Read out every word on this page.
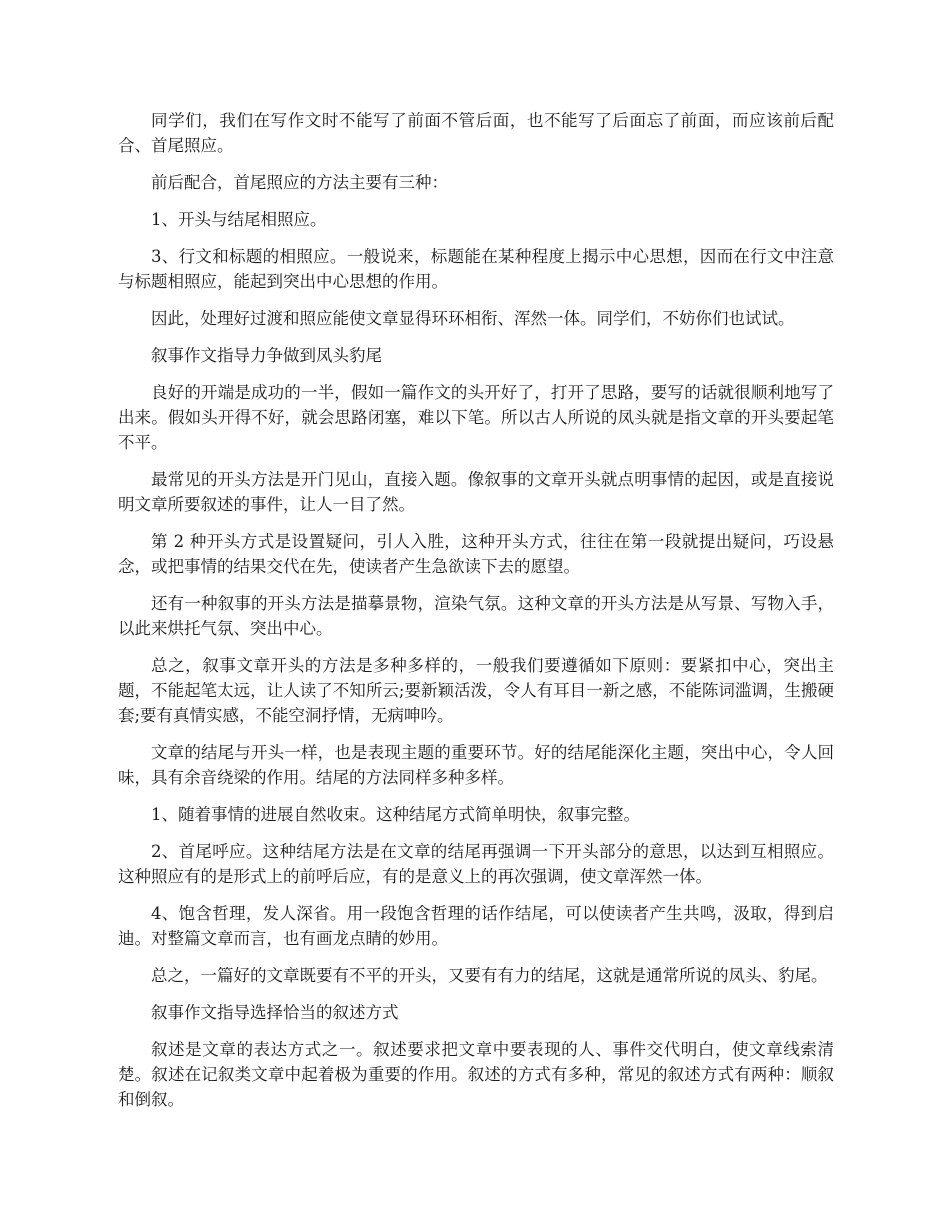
同学们，我们在写作文时不能写了前面不管后面，也不能写了后面忘了前面，而应该前后配合、首尾照应。

前后配合，首尾照应的方法主要有三种：

1、开头与结尾相照应。

3、行文和标题的相照应。一般说来，标题能在某种程度上揭示中心思想，因而在行文中注意与标题相照应，能起到突出中心思想的作用。

因此，处理好过渡和照应能使文章显得环环相衔、浑然一体。同学们，不妨你们也试试。

叙事作文指导力争做到凤头豹尾

良好的开端是成功的一半，假如一篇作文的头开好了，打开了思路，要写的话就很顺利地写了出来。假如头开得不好，就会思路闭塞，难以下笔。所以古人所说的凤头就是指文章的开头要起笔不平。

最常见的开头方法是开门见山，直接入题。像叙事的文章开头就点明事情的起因，或是直接说明文章所要叙述的事件，让人一目了然。

第 2 种开头方式是设置疑问，引人入胜，这种开头方式，往往在第一段就提出疑问，巧设悬念，或把事情的结果交代在先，使读者产生急欲读下去的愿望。

还有一种叙事的开头方法是描摹景物，渲染气氛。这种文章的开头方法是从写景、写物入手，以此来烘托气氛、突出中心。

总之，叙事文章开头的方法是多种多样的，一般我们要遵循如下原则：要紧扣中心，突出主题，不能起笔太远，让人读了不知所云;要新颖活泼，令人有耳目一新之感，不能陈词滥调，生搬硬套;要有真情实感，不能空洞抒情，无病呻吟。

文章的结尾与开头一样，也是表现主题的重要环节。好的结尾能深化主题，突出中心，令人回味，具有余音绕梁的作用。结尾的方法同样多种多样。

1、随着事情的进展自然收束。这种结尾方式简单明快，叙事完整。

2、首尾呼应。这种结尾方法是在文章的结尾再强调一下开头部分的意思，以达到互相照应。这种照应有的是形式上的前呼后应，有的是意义上的再次强调，使文章浑然一体。

4、饱含哲理，发人深省。用一段饱含哲理的话作结尾，可以使读者产生共鸣，汲取，得到启迪。对整篇文章而言，也有画龙点睛的妙用。

总之，一篇好的文章既要有不平的开头，又要有有力的结尾，这就是通常所说的凤头、豹尾。

叙事作文指导选择恰当的叙述方式

叙述是文章的表达方式之一。叙述要求把文章中要表现的人、事件交代明白，使文章线索清楚。叙述在记叙类文章中起着极为重要的作用。叙述的方式有多种，常见的叙述方式有两种：顺叙和倒叙。
